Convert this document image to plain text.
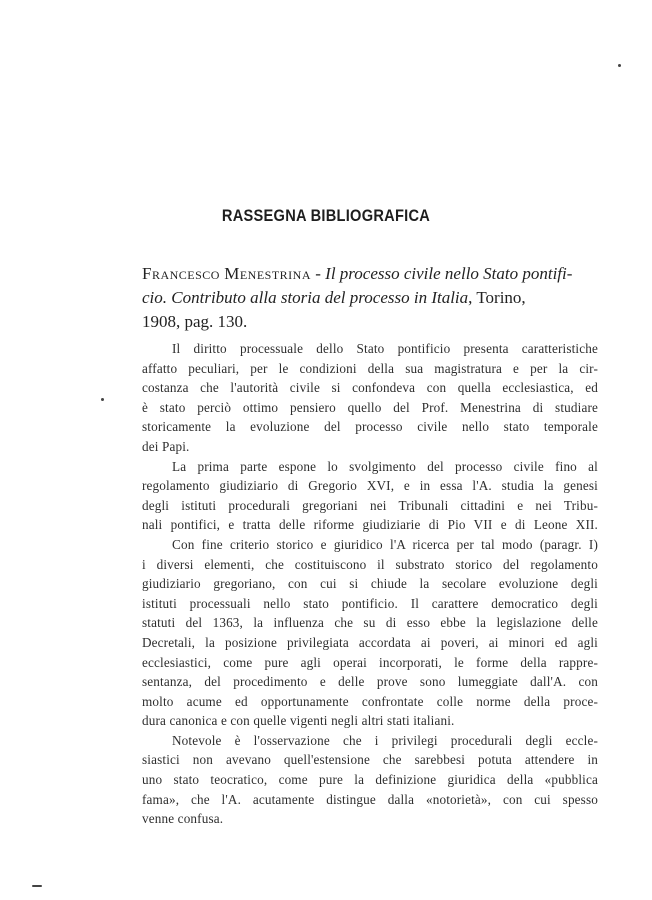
RASSEGNA BIBLIOGRAFICA
Francesco Menestrina - Il processo civile nello Stato pontifi-
cio. Contributo alla storia del processo in Italia, Torino,
1908, pag. 130.
Il diritto processuale dello Stato pontificio presenta caratteristiche
affatto peculiari, per le condizioni della sua magistratura e per la cir-
costanza che l'autorità civile si confondeva con quella ecclesiastica, ed
è stato perciò ottimo pensiero quello del Prof. Menestrina di studiare
storicamente la evoluzione del processo civile nello stato temporale
dei Papi.
La prima parte espone lo svolgimento del processo civile fino al
regolamento giudiziario di Gregorio XVI, e in essa l'A. studia la genesi
degli istituti procedurali gregoriani nei Tribunali cittadini e nei Tribu-
nali pontifici, e tratta delle riforme giudiziarie di Pio VII e di Leone XII.
Con fine criterio storico e giuridico l'A ricerca per tal modo (paragr. I)
i diversi elementi, che costituiscono il substrato storico del regolamento
giudiziario gregoriano, con cui si chiude la secolare evoluzione degli
istituti processuali nello stato pontificio. Il carattere democratico degli
statuti del 1363, la influenza che su di esso ebbe la legislazione delle
Decretali, la posizione privilegiata accordata ai poveri, ai minori ed agli
ecclesiastici, come pure agli operai incorporati, le forme della rappre-
sentanza, del procedimento e delle prove sono lumeggiate dall'A. con
molto acume ed opportunamente confrontate colle norme della proce-
dura canonica e con quelle vigenti negli altri stati italiani.
Notevole è l'osservazione che i privilegi procedurali degli eccle-
siastici non avevano quell'estensione che sarebbesi potuta attendere in
uno stato teocratico, come pure la definizione giuridica della «pubblica
fama», che l'A. acutamente distingue dalla «notorietà», con cui spesso
venne confusa.
